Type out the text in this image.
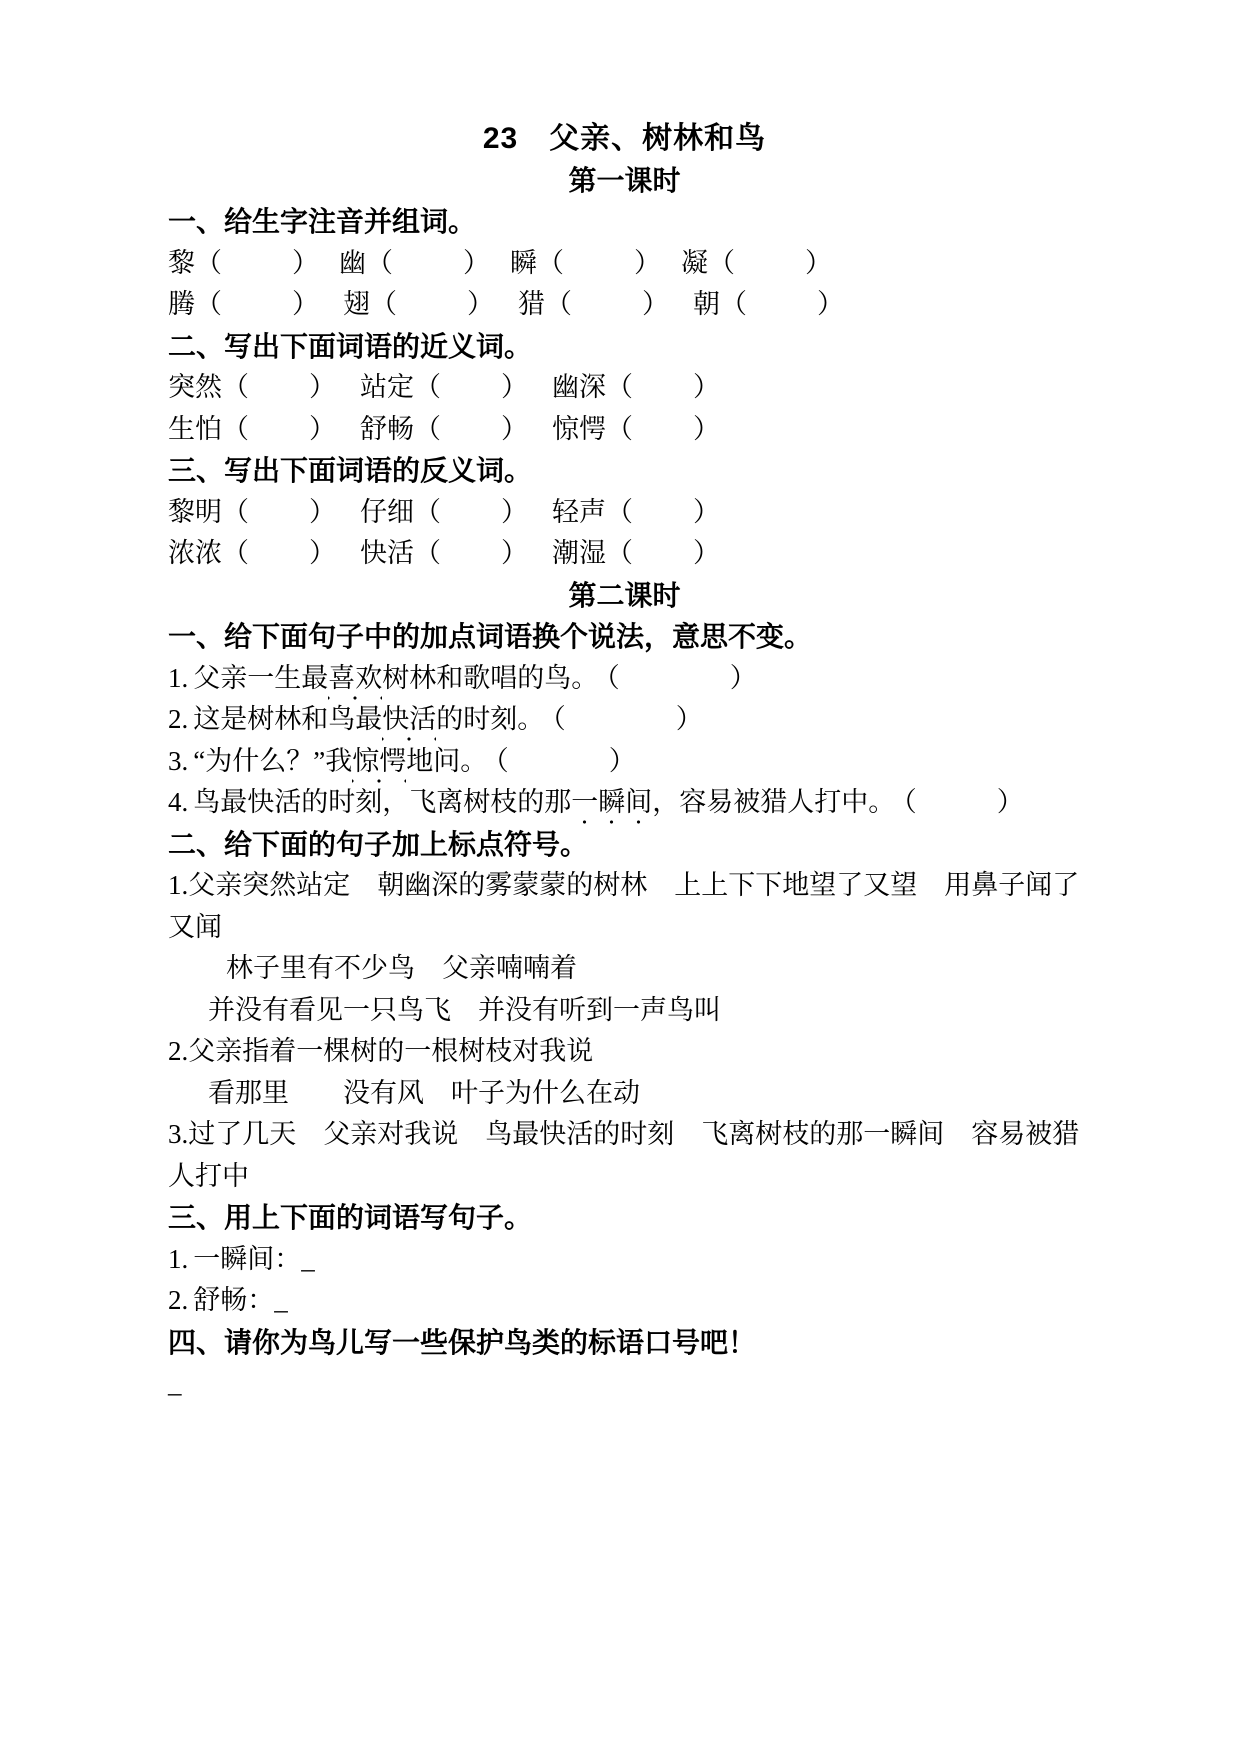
23　父亲、树林和鸟
第一课时
一、给生字注音并组词。
黎（	） 幽（	） 瞬（	） 凝（	）
腾（	） 翅（	） 猎（	） 朝（	）
二、写出下面词语的近义词。
突然（ ） 站定（ ） 幽深（ ）
生怕（ ） 舒畅（ ） 惊愕（ ）
三、写出下面词语的反义词。
黎明（ ） 仔细（ ） 轻声（ ）
浓浓（ ） 快活（ ） 潮湿（ ）
第二课时
一、给下面句子中的加点词语换个说法，意思不变。
1. 父亲一生最喜欢树林和歌唱的鸟。 （	）
2. 这是树林和鸟最快活的时刻。 （	）
3. “为什么？”我惊愕地问。 （	）
4. 鸟最快活的时刻，飞离树枝的那一瞬间，容易被猎人打中。 （	）
二、给下面的句子加上标点符号。
1.父亲突然站定　朝幽深的雾蒙蒙的树林　上上下下地望了又望　用鼻子闻了
又闻
林子里有不少鸟　父亲喃喃着
并没有看见一只鸟飞　并没有听到一声鸟叫
2.父亲指着一棵树的一根树枝对我说
看那里　　没有风　叶子为什么在动
3.过了几天　父亲对我说　鸟最快活的时刻　飞离树枝的那一瞬间　容易被猎
人打中
三、用上下面的词语写句子。
1. 一瞬间：_
2. 舒畅：_
四、请你为鸟儿写一些保护鸟类的标语口号吧！
_
